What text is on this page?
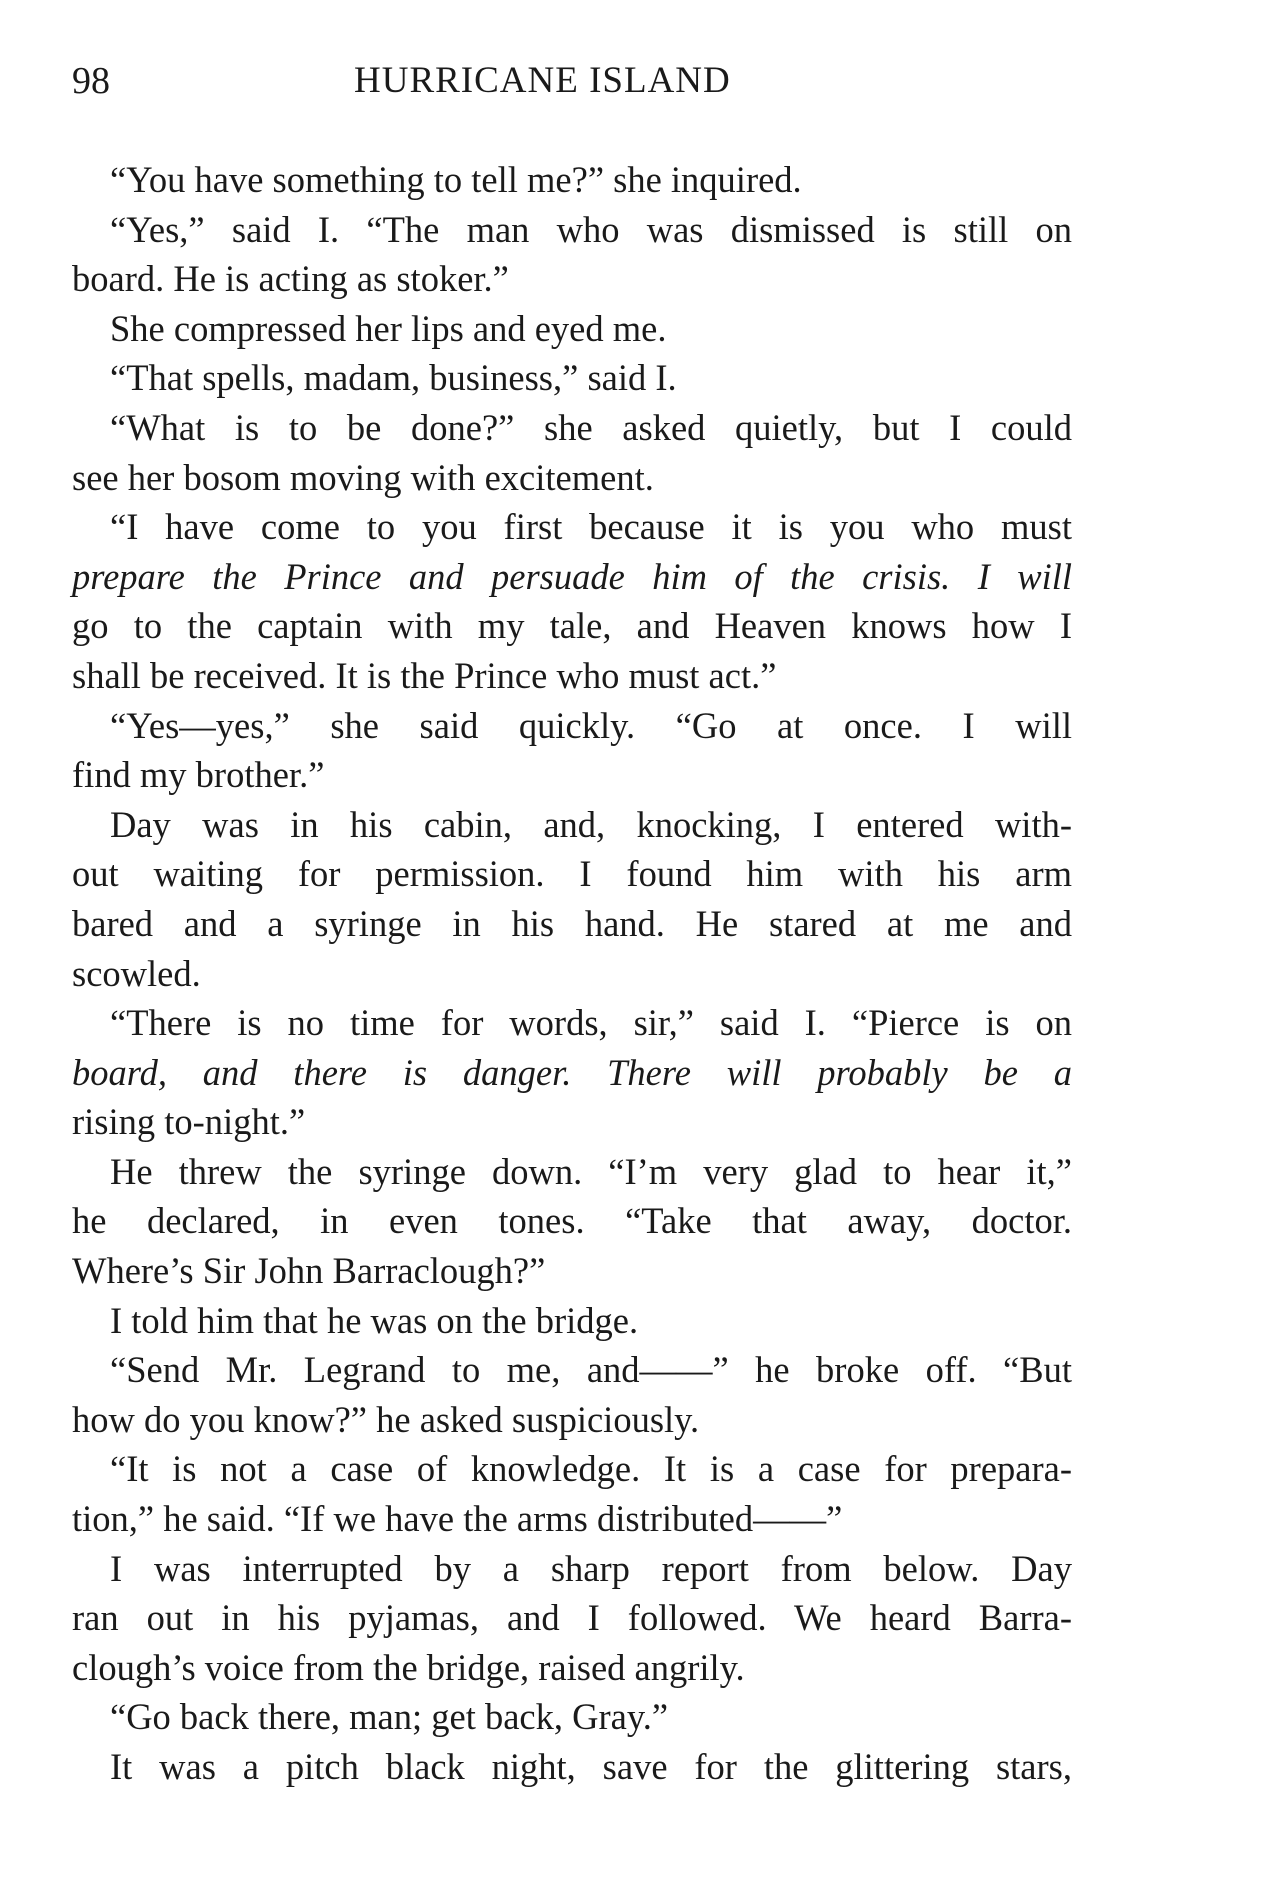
98	HURRICANE ISLAND
“You have something to tell me?” she inquired.
“Yes,” said I. “The man who was dismissed is still on
board. He is acting as stoker.”
She compressed her lips and eyed me.
“That spells, madam, business,” said I.
“What is to be done?” she asked quietly, but I could
see her bosom moving with excitement.
“I have come to you first because it is you who must
prepare the Prince and persuade him of the crisis. I will
go to the captain with my tale, and Heaven knows how I
shall be received. It is the Prince who must act.”
“Yes—yes,” she said quickly. “Go at once. I will
find my brother.”
Day was in his cabin, and, knocking, I entered with-
out waiting for permission. I found him with his arm
bared and a syringe in his hand. He stared at me and
scowled.
“There is no time for words, sir,” said I. “Pierce is on
board, and there is danger. There will probably be a
rising to-night.”
He threw the syringe down. “I’m very glad to hear it,”
he declared, in even tones. “Take that away, doctor.
Where’s Sir John Barraclough?”
I told him that he was on the bridge.
“Send Mr. Legrand to me, and——” he broke off. “But
how do you know?” he asked suspiciously.
“It is not a case of knowledge. It is a case for prepara-
tion,” he said. “If we have the arms distributed——”
I was interrupted by a sharp report from below. Day
ran out in his pyjamas, and I followed. We heard Barra-
clough’s voice from the bridge, raised angrily.
“Go back there, man; get back, Gray.”
It was a pitch black night, save for the glittering stars,
